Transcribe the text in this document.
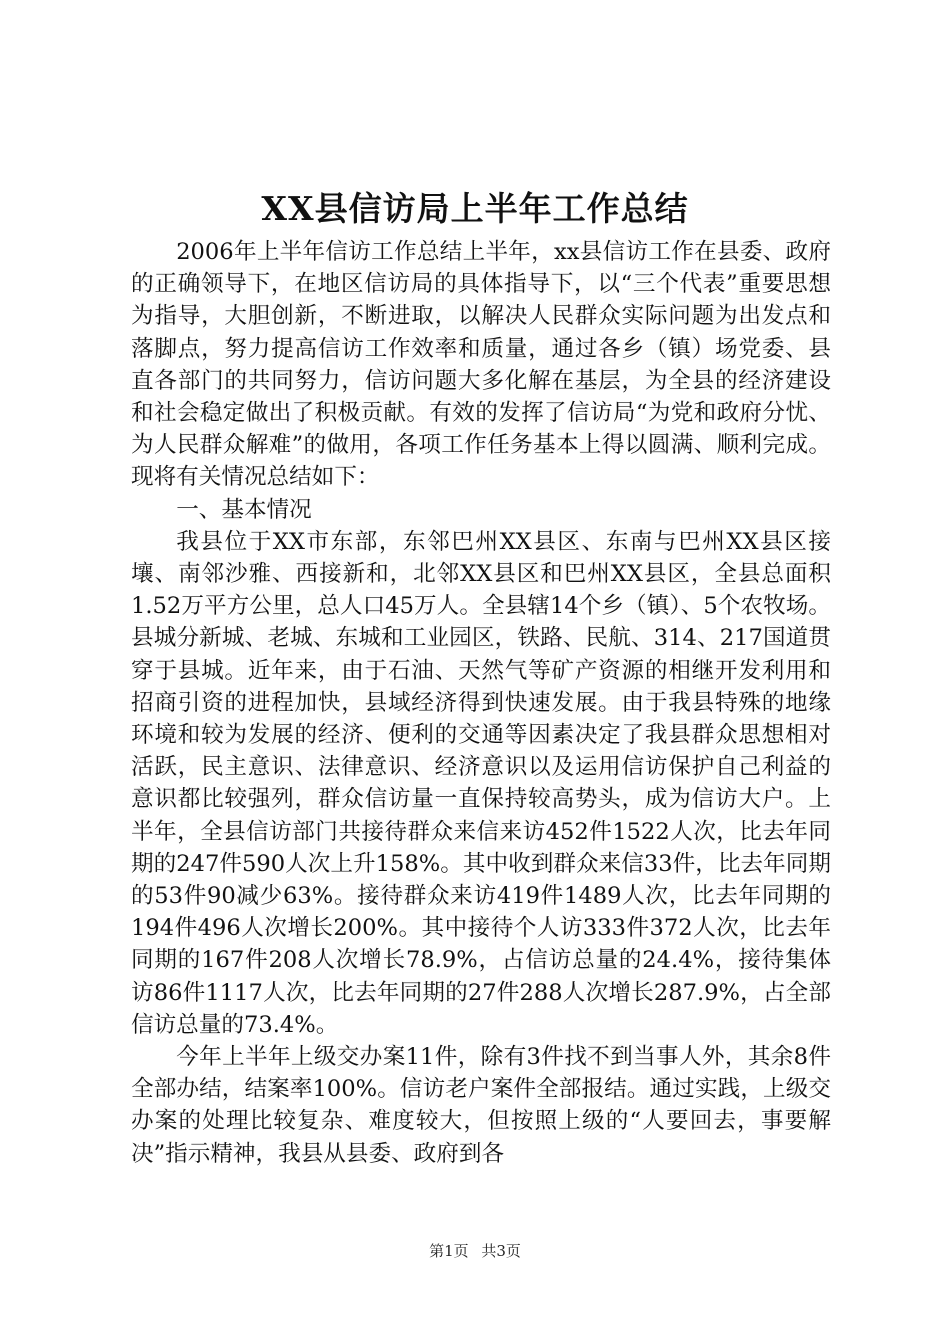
XX县信访局上半年工作总结

2006年上半年信访工作总结上半年，xx县信访工作在县委、政府的正确领导下，在地区信访局的具体指导下，以“三个代表”重要思想为指导，大胆创新，不断进取，以解决人民群众实际问题为出发点和落脚点，努力提高信访工作效率和质量，通过各乡（镇）场党委、县直各部门的共同努力，信访问题大多化解在基层，为全县的经济建设和社会稳定做出了积极贡献。有效的发挥了信访局“为党和政府分忧、为人民群众解难”的做用，各项工作任务基本上得以圆满、顺利完成。现将有关情况总结如下：

一、基本情况

我县位于XX市东部，东邻巴州XX县区、东南与巴州XX县区接壤、南邻沙雅、西接新和，北邻XX县区和巴州XX县区，全县总面积1.52万平方公里，总人口45万人。全县辖14个乡（镇）、5个农牧场。县城分新城、老城、东城和工业园区，铁路、民航、314、217国道贯穿于县城。近年来，由于石油、天然气等矿产资源的相继开发利用和招商引资的进程加快，县域经济得到快速发展。由于我县特殊的地缘环境和较为发展的经济、便利的交通等因素决定了我县群众思想相对活跃，民主意识、法律意识、经济意识以及运用信访保护自己利益的意识都比较强列，群众信访量一直保持较高势头，成为信访大户。上半年，全县信访部门共接待群众来信来访452件1522人次，比去年同期的247件590人次上升158%。其中收到群众来信33件，比去年同期的53件90减少63%。接待群众来访419件1489人次，比去年同期的194件496人次增长200%。其中接待个人访333件372人次，比去年同期的167件208人次增长78.9%，占信访总量的24.4%，接待集体访86件1117人次，比去年同期的27件288人次增长287.9%，占全部信访总量的73.4%。

今年上半年上级交办案11件，除有3件找不到当事人外，其余8件全部办结，结案率100%。信访老户案件全部报结。通过实践，上级交办案的处理比较复杂、难度较大，但按照上级的“人要回去，事要解决”指示精神，我县从县委、政府到各

第1页 共3页
